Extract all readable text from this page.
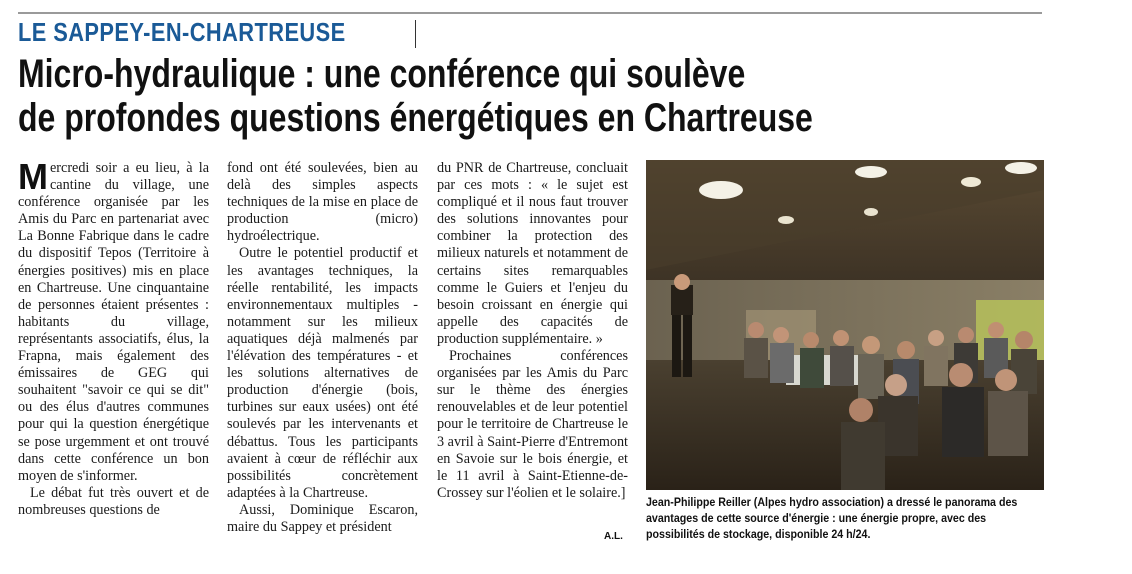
LE SAPPEY-EN-CHARTREUSE
Micro-hydraulique : une conférence qui soulève
de profondes questions énergétiques en Chartreuse

Mercredi soir a eu lieu, à la cantine du village, une conférence organisée par les Amis du Parc en partenariat avec La Bonne Fabrique dans le cadre du dispositif Tepos (Territoire à énergies positives) mis en place en Chartreuse. Une cinquantaine de personnes étaient présentes : habitants du village, représentants associatifs, élus, la Frapna, mais également des émissaires de GEG qui souhaitent "savoir ce qui se dit" ou des élus d'autres communes pour qui la question énergétique se pose urgemment et ont trouvé dans cette conférence un bon moyen de s'informer.

Le débat fut très ouvert et de nombreuses questions de

fond ont été soulevées, bien au delà des simples aspects techniques de la mise en place de production (micro) hydroélectrique.

Outre le potentiel productif et les avantages techniques, la réelle rentabilité, les impacts environnementaux multiples - notamment sur les milieux aquatiques déjà malmenés par l'élévation des températures - et les solutions alternatives de production d'énergie (bois, turbines sur eaux usées) ont été soulevés par les intervenants et débattus. Tous les participants avaient à cœur de réfléchir aux possibilités concrètement adaptées à la Chartreuse.

Aussi, Dominique Escaron, maire du Sappey et président

du PNR de Chartreuse, concluait par ces mots : « le sujet est compliqué et il nous faut trouver des solutions innovantes pour combiner la protection des milieux naturels et notamment de certains sites remarquables comme le Guiers et l'enjeu du besoin croissant en énergie qui appelle des capacités de production supplémentaire. »

Prochaines conférences organisées par les Amis du Parc sur le thème des énergies renouvelables et de leur potentiel pour le territoire de Chartreuse le 3 avril à Saint-Pierre d'Entremont en Savoie sur le bois énergie, et le 11 avril à Saint-Etienne-de-Crossey sur l'éolien et le solaire.]

Jean-Philippe Reiller (Alpes hydro association) a dressé le panorama des avantages de cette source d'énergie : une énergie propre, avec des possibilités de stockage, disponible 24 h/24.
A.L.
